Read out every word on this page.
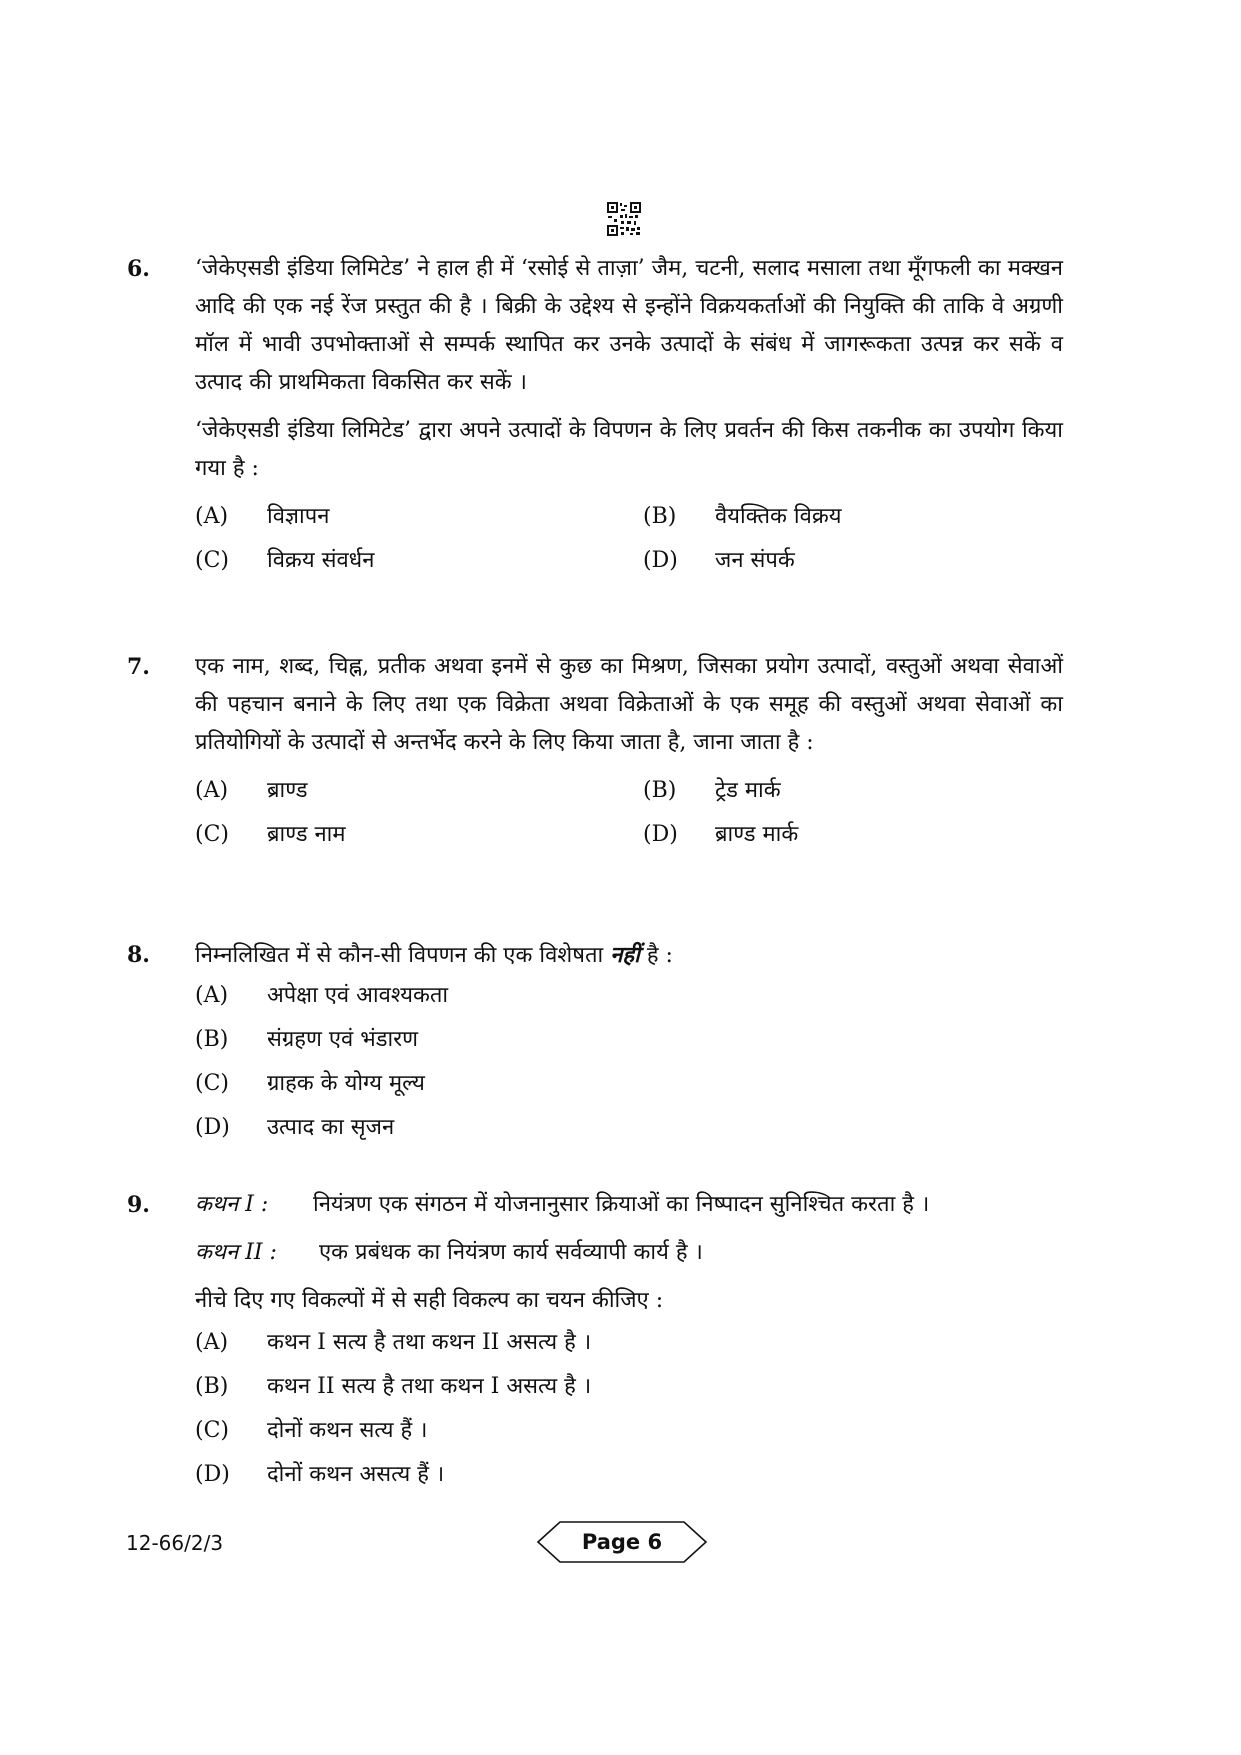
6. ‘जेकेएसडी इंडिया लिमिटेड’ ने हाल ही में ‘रसोई से ताज़ा’ जैम, चटनी, सलाद मसाला तथा मूँगफली का मक्खन आदि की एक नई रेंज प्रस्तुत की है । बिक्री के उद्देश्य से इन्होंने विक्रयकर्ताओं की नियुक्ति की ताकि वे अग्रणी मॉल में भावी उपभोक्ताओं से सम्पर्क स्थापित कर उनके उत्पादों के संबंध में जागरूकता उत्पन्न कर सकें व उत्पाद की प्राथमिकता विकसित कर सकें ।

‘जेकेएसडी इंडिया लिमिटेड’ द्वारा अपने उत्पादों के विपणन के लिए प्रवर्तन की किस तकनीक का उपयोग किया गया है :

(A)	विज्ञापन	(B)	वैयक्तिक विक्रय
(C)	विक्रय संवर्धन	(D)	जन संपर्क
7. एक नाम, शब्द, चिह्न, प्रतीक अथवा इनमें से कुछ का मिश्रण, जिसका प्रयोग उत्पादों, वस्तुओं अथवा सेवाओं की पहचान बनाने के लिए तथा एक विक्रेता अथवा विक्रेताओं के एक समूह की वस्तुओं अथवा सेवाओं का प्रतियोगियों के उत्पादों से अन्तर्भेद करने के लिए किया जाता है, जाना जाता है :

(A)	ब्राण्ड	(B)	ट्रेड मार्क
(C)	ब्राण्ड नाम	(D)	ब्राण्ड मार्क
8. निम्नलिखित में से कौन-सी विपणन की एक विशेषता नहीं है :

(A)	अपेक्षा एवं आवश्यकता
(B)	संग्रहण एवं भंडारण
(C)	ग्राहक के योग्य मूल्य
(D)	उत्पाद का सृजन
9. कथन I :	नियंत्रण एक संगठन में योजनानुसार क्रियाओं का निष्पादन सुनिश्चित करता है ।
कथन II :	एक प्रबंधक का नियंत्रण कार्य सर्वव्यापी कार्य है ।

नीचे दिए गए विकल्पों में से सही विकल्प का चयन कीजिए :

(A)	कथन I सत्य है तथा कथन II असत्य है ।
(B)	कथन II सत्य है तथा कथन I असत्य है ।
(C)	दोनों कथन सत्य हैं ।
(D)	दोनों कथन असत्य हैं ।
12-66/2/3	Page 6
